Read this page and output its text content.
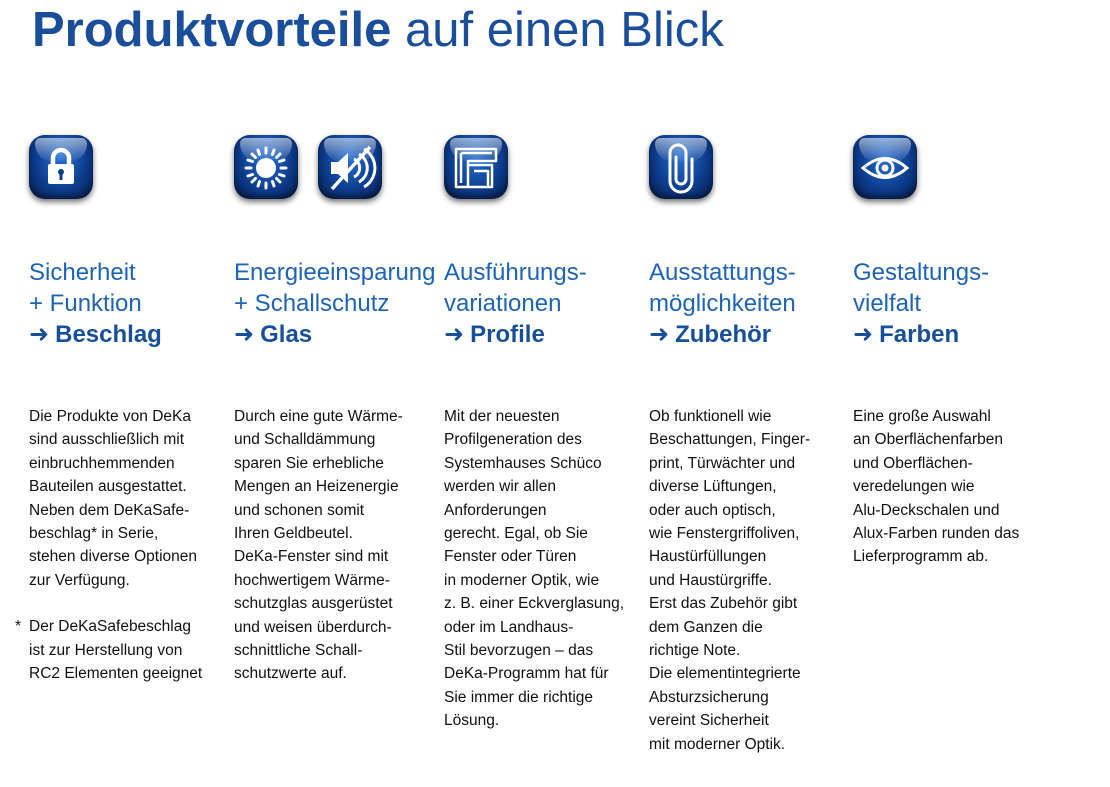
Produktvorteile auf einen Blick
Sicherheit
+ Funktion
➜ Beschlag

Die Produkte von DeKa
sind ausschließlich mit
einbruchhemmenden
Bauteilen ausgestattet.
Neben dem DeKaSafe-
beschlag* in Serie,
stehen diverse Optionen
zur Verfügung.

* Der DeKaSafebeschlag
ist zur Herstellung von
RC2 Elementen geeignet

Energieeinsparung
+ Schallschutz
➜ Glas

Durch eine gute Wärme-
und Schalldämmung
sparen Sie erhebliche
Mengen an Heizenergie
und schonen somit
Ihren Geldbeutel.
DeKa-Fenster sind mit
hochwertigem Wärme-
schutzglas ausgerüstet
und weisen überdurch-
schnittliche Schall-
schutzwerte auf.

Ausführungs-
variationen
➜ Profile

Mit der neuesten
Profilgeneration des
Systemhauses Schüco
werden wir allen
Anforderungen
gerecht. Egal, ob Sie
Fenster oder Türen
in moderner Optik, wie
z. B. einer Eckverglasung,
oder im Landhaus-
Stil bevorzugen – das
DeKa-Programm hat für
Sie immer die richtige
Lösung.

Ausstattungs-
möglichkeiten
➜ Zubehör

Ob funktionell wie
Beschattungen, Finger-
print, Türwächter und
diverse Lüftungen,
oder auch optisch,
wie Fenstergriffoliven,
Haustürfüllungen
und Haustürgriffe.
Erst das Zubehör gibt
dem Ganzen die
richtige Note.
Die elementintegrierte
Absturzsicherung
vereint Sicherheit
mit moderner Optik.

Gestaltungs-
vielfalt
➜ Farben

Eine große Auswahl
an Oberflächenfarben
und Oberflächen-
veredelungen wie
Alu-Deckschalen und
Alux-Farben runden das
Lieferprogramm ab.
